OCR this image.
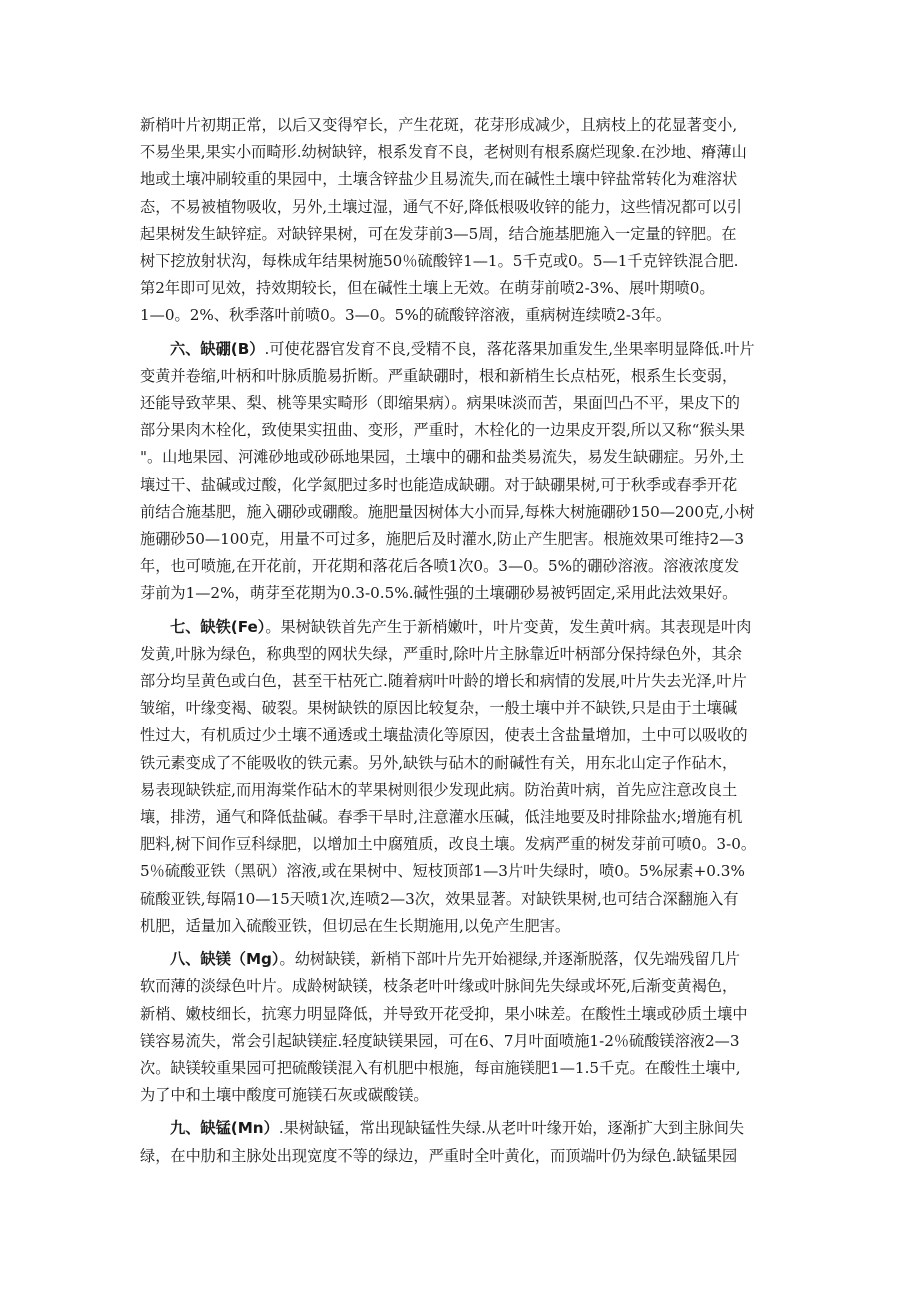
新梢叶片初期正常，以后又变得窄长，产生花斑，花芽形成减少，且病枝上的花显著变小,
不易坐果,果实小而畸形.幼树缺锌，根系发育不良，老树则有根系腐烂现象.在沙地、瘠薄山
地或土壤冲刷较重的果园中，土壤含锌盐少且易流失,而在碱性土壤中锌盐常转化为难溶状
态，不易被植物吸收，另外,土壤过湿，通气不好,降低根吸收锌的能力，这些情况都可以引
起果树发生缺锌症。对缺锌果树，可在发芽前3—5周，结合施基肥施入一定量的锌肥。在
树下挖放射状沟，每株成年结果树施50％硫酸锌1—1。5千克或0。5—1千克锌铁混合肥.
第2年即可见效，持效期较长，但在碱性土壤上无效。在萌芽前喷2-3%、展叶期喷0。
1—0。2%、秋季落叶前喷0。3—0。5%的硫酸锌溶液，重病树连续喷2-3年。
六、缺硼(B）.可使花器官发育不良,受精不良，落花落果加重发生,坐果率明显降低.叶片
变黄并卷缩,叶柄和叶脉质脆易折断。严重缺硼时，根和新梢生长点枯死，根系生长变弱，
还能导致苹果、梨、桃等果实畸形（即缩果病）。病果味淡而苦，果面凹凸不平，果皮下的
部分果肉木栓化，致使果实扭曲、变形，严重时，木栓化的一边果皮开裂,所以又称“猴头果
"。山地果园、河滩砂地或砂砾地果园，土壤中的硼和盐类易流失，易发生缺硼症。另外,土
壤过干、盐碱或过酸，化学氮肥过多时也能造成缺硼。对于缺硼果树,可于秋季或春季开花
前结合施基肥，施入硼砂或硼酸。施肥量因树体大小而异,每株大树施硼砂150—200克,小树
施硼砂50—100克，用量不可过多，施肥后及时灌水,防止产生肥害。根施效果可维持2—3
年，也可喷施,在开花前，开花期和落花后各喷1次0。3—0。5%的硼砂溶液。溶液浓度发
芽前为1—2%，萌芽至花期为0.3-0.5%.碱性强的土壤硼砂易被钙固定,采用此法效果好。
七、缺铁(Fe）。果树缺铁首先产生于新梢嫩叶，叶片变黄，发生黄叶病。其表现是叶肉
发黄,叶脉为绿色，称典型的网状失绿，严重时,除叶片主脉靠近叶柄部分保持绿色外，其余
部分均呈黄色或白色，甚至干枯死亡.随着病叶叶龄的增长和病情的发展,叶片失去光泽,叶片
皱缩，叶缘变褐、破裂。果树缺铁的原因比较复杂，一般土壤中并不缺铁,只是由于土壤碱
性过大，有机质过少土壤不通透或土壤盐渍化等原因，使表土含盐量增加，土中可以吸收的
铁元素变成了不能吸收的铁元素。另外,缺铁与砧木的耐碱性有关，用东北山定子作砧木，
易表现缺铁症,而用海棠作砧木的苹果树则很少发现此病。防治黄叶病，首先应注意改良土
壤，排涝，通气和降低盐碱。春季干旱时,注意灌水压碱，低洼地要及时排除盐水;增施有机
肥料,树下间作豆科绿肥，以增加土中腐殖质，改良土壤。发病严重的树发芽前可喷0。3-0。
5％硫酸亚铁（黑矾）溶液,或在果树中、短枝顶部1—3片叶失绿时，喷0。5%尿素+0.3%
硫酸亚铁,每隔10—15天喷1次,连喷2—3次，效果显著。对缺铁果树,也可结合深翻施入有
机肥，适量加入硫酸亚铁，但切忌在生长期施用,以免产生肥害。
八、缺镁（Mg）。幼树缺镁，新梢下部叶片先开始褪绿,并逐渐脱落，仅先端残留几片
软而薄的淡绿色叶片。成龄树缺镁，枝条老叶叶缘或叶脉间先失绿或坏死,后渐变黄褐色，
新梢、嫩枝细长，抗寒力明显降低，并导致开花受抑，果小味差。在酸性土壤或砂质土壤中
镁容易流失，常会引起缺镁症.轻度缺镁果园，可在6、7月叶面喷施1-2％硫酸镁溶液2—3
次。缺镁较重果园可把硫酸镁混入有机肥中根施，每亩施镁肥1—1.5千克。在酸性土壤中,
为了中和土壤中酸度可施镁石灰或碳酸镁。
九、缺锰(Mn）.果树缺锰，常出现缺锰性失绿.从老叶叶缘开始，逐渐扩大到主脉间失
绿，在中肋和主脉处出现宽度不等的绿边，严重时全叶黄化，而顶端叶仍为绿色.缺锰果园
